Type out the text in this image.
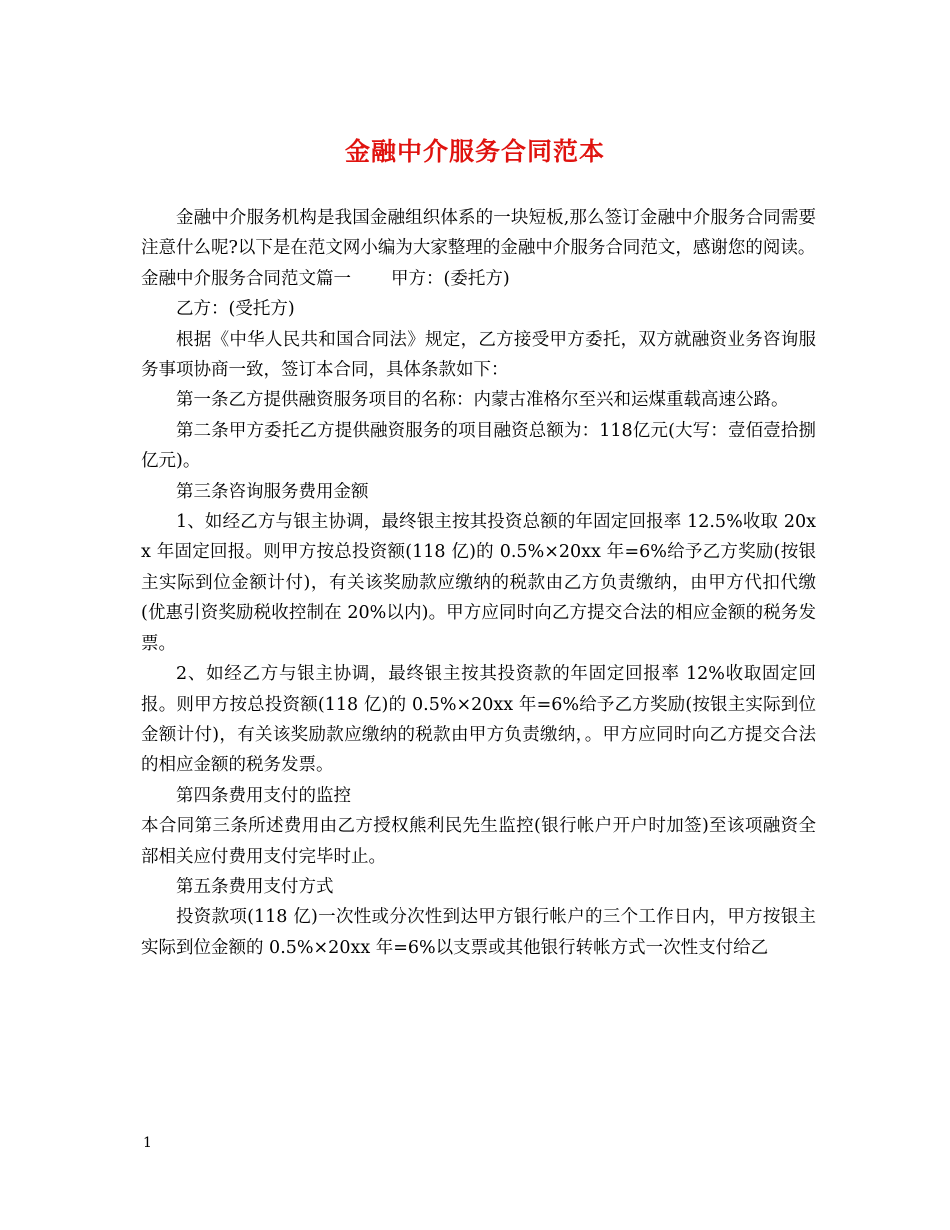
金融中介服务合同范本

金融中介服务机构是我国金融组织体系的一块短板,那么签订金融中介服务合同需要注意什么呢?以下是在范文网小编为大家整理的金融中介服务合同范文，感谢您的阅读。

金融中介服务合同范文篇一 甲方：(委托方)

乙方：(受托方)

根据《中华人民共和国合同法》规定，乙方接受甲方委托，双方就融资业务咨询服务事项协商一致，签订本合同，具体条款如下：

第一条乙方提供融资服务项目的名称：内蒙古准格尔至兴和运煤重载高速公路。

第二条甲方委托乙方提供融资服务的项目融资总额为：118亿元(大写：壹佰壹拾捌亿元)。

第三条咨询服务费用金额

1、如经乙方与银主协调，最终银主按其投资总额的年固定回报率 12.5%收取 20xx 年固定回报。则甲方按总投资额(118 亿)的 0.5%×20xx 年=6%给予乙方奖励(按银主实际到位金额计付)，有关该奖励款应缴纳的税款由乙方负责缴纳，由甲方代扣代缴(优惠引资奖励税收控制在 20%以内)。甲方应同时向乙方提交合法的相应金额的税务发票。

2、如经乙方与银主协调，最终银主按其投资款的年固定回报率 12%收取固定回报。则甲方按总投资额(118 亿)的 0.5%×20xx 年=6%给予乙方奖励(按银主实际到位金额计付)，有关该奖励款应缴纳的税款由甲方负责缴纳，。甲方应同时向乙方提交合法的相应金额的税务发票。

第四条费用支付的监控

本合同第三条所述费用由乙方授权熊利民先生监控(银行帐户开户时加签)至该项融资全部相关应付费用支付完毕时止。

第五条费用支付方式

投资款项(118 亿)一次性或分次性到达甲方银行帐户的三个工作日内，甲方按银主实际到位金额的 0.5%×20xx 年=6%以支票或其他银行转帐方式一次性支付给乙

1
